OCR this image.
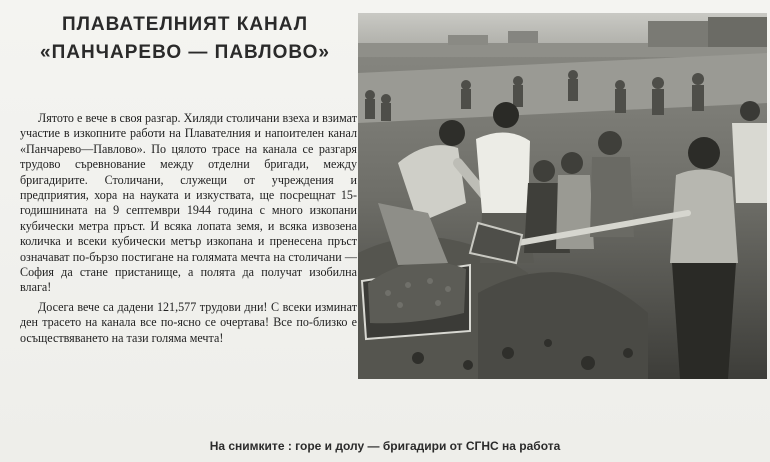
ПЛАВАТЕЛНИЯТ КАНАЛ
«ПАНЧАРЕВО — ПАВЛОВО»

Лятото е вече в своя разгар. Хиляди столичани взеха и взимат участие в изкопните работи на Плавателния и напоителен канал «Панчарево—Павлово». По цялото трасе на канала се разгаря трудово съревнование между отделни бригади, между бригадирите. Столичани, служещи от учреждения и предприятия, хора на науката и изкуствата, ще посрещнат 15-годишнината на 9 септември 1944 година с много изкопани кубически метра пръст. И всяка лопата земя, и всяка извозена количка и всеки кубически метър изкопана и пренесена пръст означават по-бързо постигане на голямата мечта на столичани — София да стане пристанище, а полята да получат изобилна влага!

Досега вече са дадени 121,577 трудови дни! С всеки изминат ден трасето на канала все по-ясно се очертава! Все по-близко е осъществяването на тази голяма мечта!

На снимките : горе и долу — бригадири от СГНС на работа
